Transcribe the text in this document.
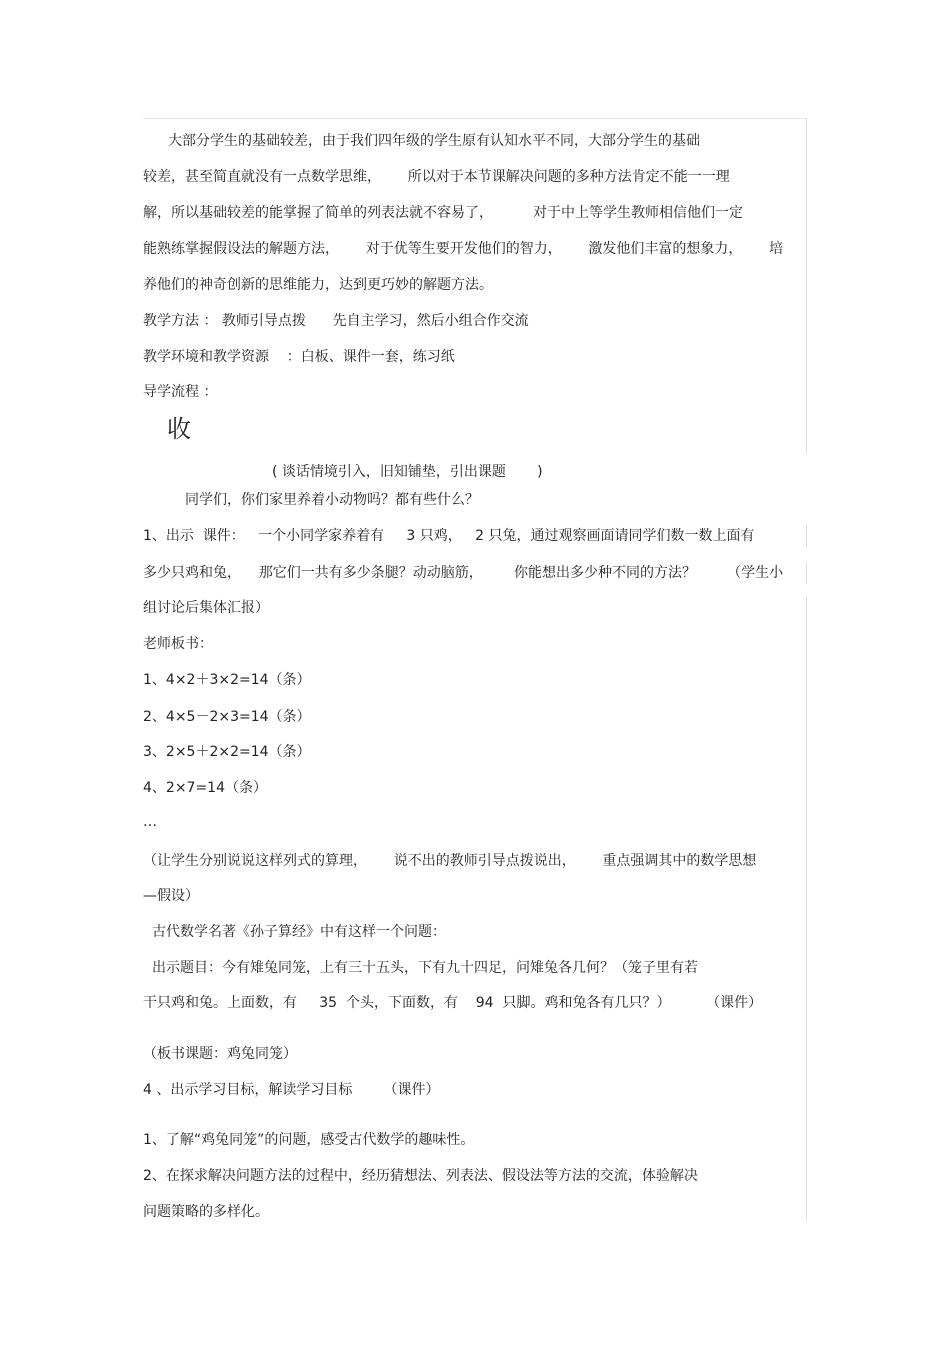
大部分学生的基础较差，由于我们四年级的学生原有认知水平不同，大部分学生的基础
较差，甚至简直就没有一点数学思维，      所以对于本节课解决问题的多种方法肯定不能一一理
解，所以基础较差的能掌握了简单的列表法就不容易了，         对于中上等学生教师相信他们一定
能熟练掌握假设法的解题方法，      对于优等生要开发他们的智力，      激发他们丰富的想象力，      培
养他们的神奇创新的思维能力，达到更巧妙的解题方法。
教学方法 ： 教师引导点拨      先自主学习，然后小组合作交流
教学环境和教学资源    ：白板、课件一套，练习纸
导学流程 ：
收
( 谈话情境引入，旧知铺垫，引出课题       )
同学们，你们家里养着小动物吗？都有些什么？
1、出示  课件：   一个小同学家养着有     3 只鸡，   2 只兔，通过观察画面请同学们数一数上面有
多少只鸡和兔，    那它们一共有多少条腿？动动脑筋，       你能想出多少种不同的方法？       （学生小
组讨论后集体汇报）
老师板书：
1、4×2＋3×2=14（条）
2、4×5－2×3=14（条）
3、2×5＋2×2=14（条）
4、2×7=14（条）
…
（让学生分别说说这样列式的算理，      说不出的教师引导点拨说出，      重点强调其中的数学思想
—假设）
古代数学名著《孙子算经》中有这样一个问题：
出示题目：今有雉兔同笼，上有三十五头，下有九十四足，问雉兔各几何？（笼子里有若
干只鸡和兔。上面数，有     35  个头，下面数，有    94  只脚。鸡和兔各有几只？）        （课件）
（板书课题：鸡兔同笼）
4 、出示学习目标，解读学习目标       （课件）
1、了解“鸡兔同笼”的问题，感受古代数学的趣味性。
2、在探求解决问题方法的过程中，经历猜想法、列表法、假设法等方法的交流，体验解决
问题策略的多样化。
